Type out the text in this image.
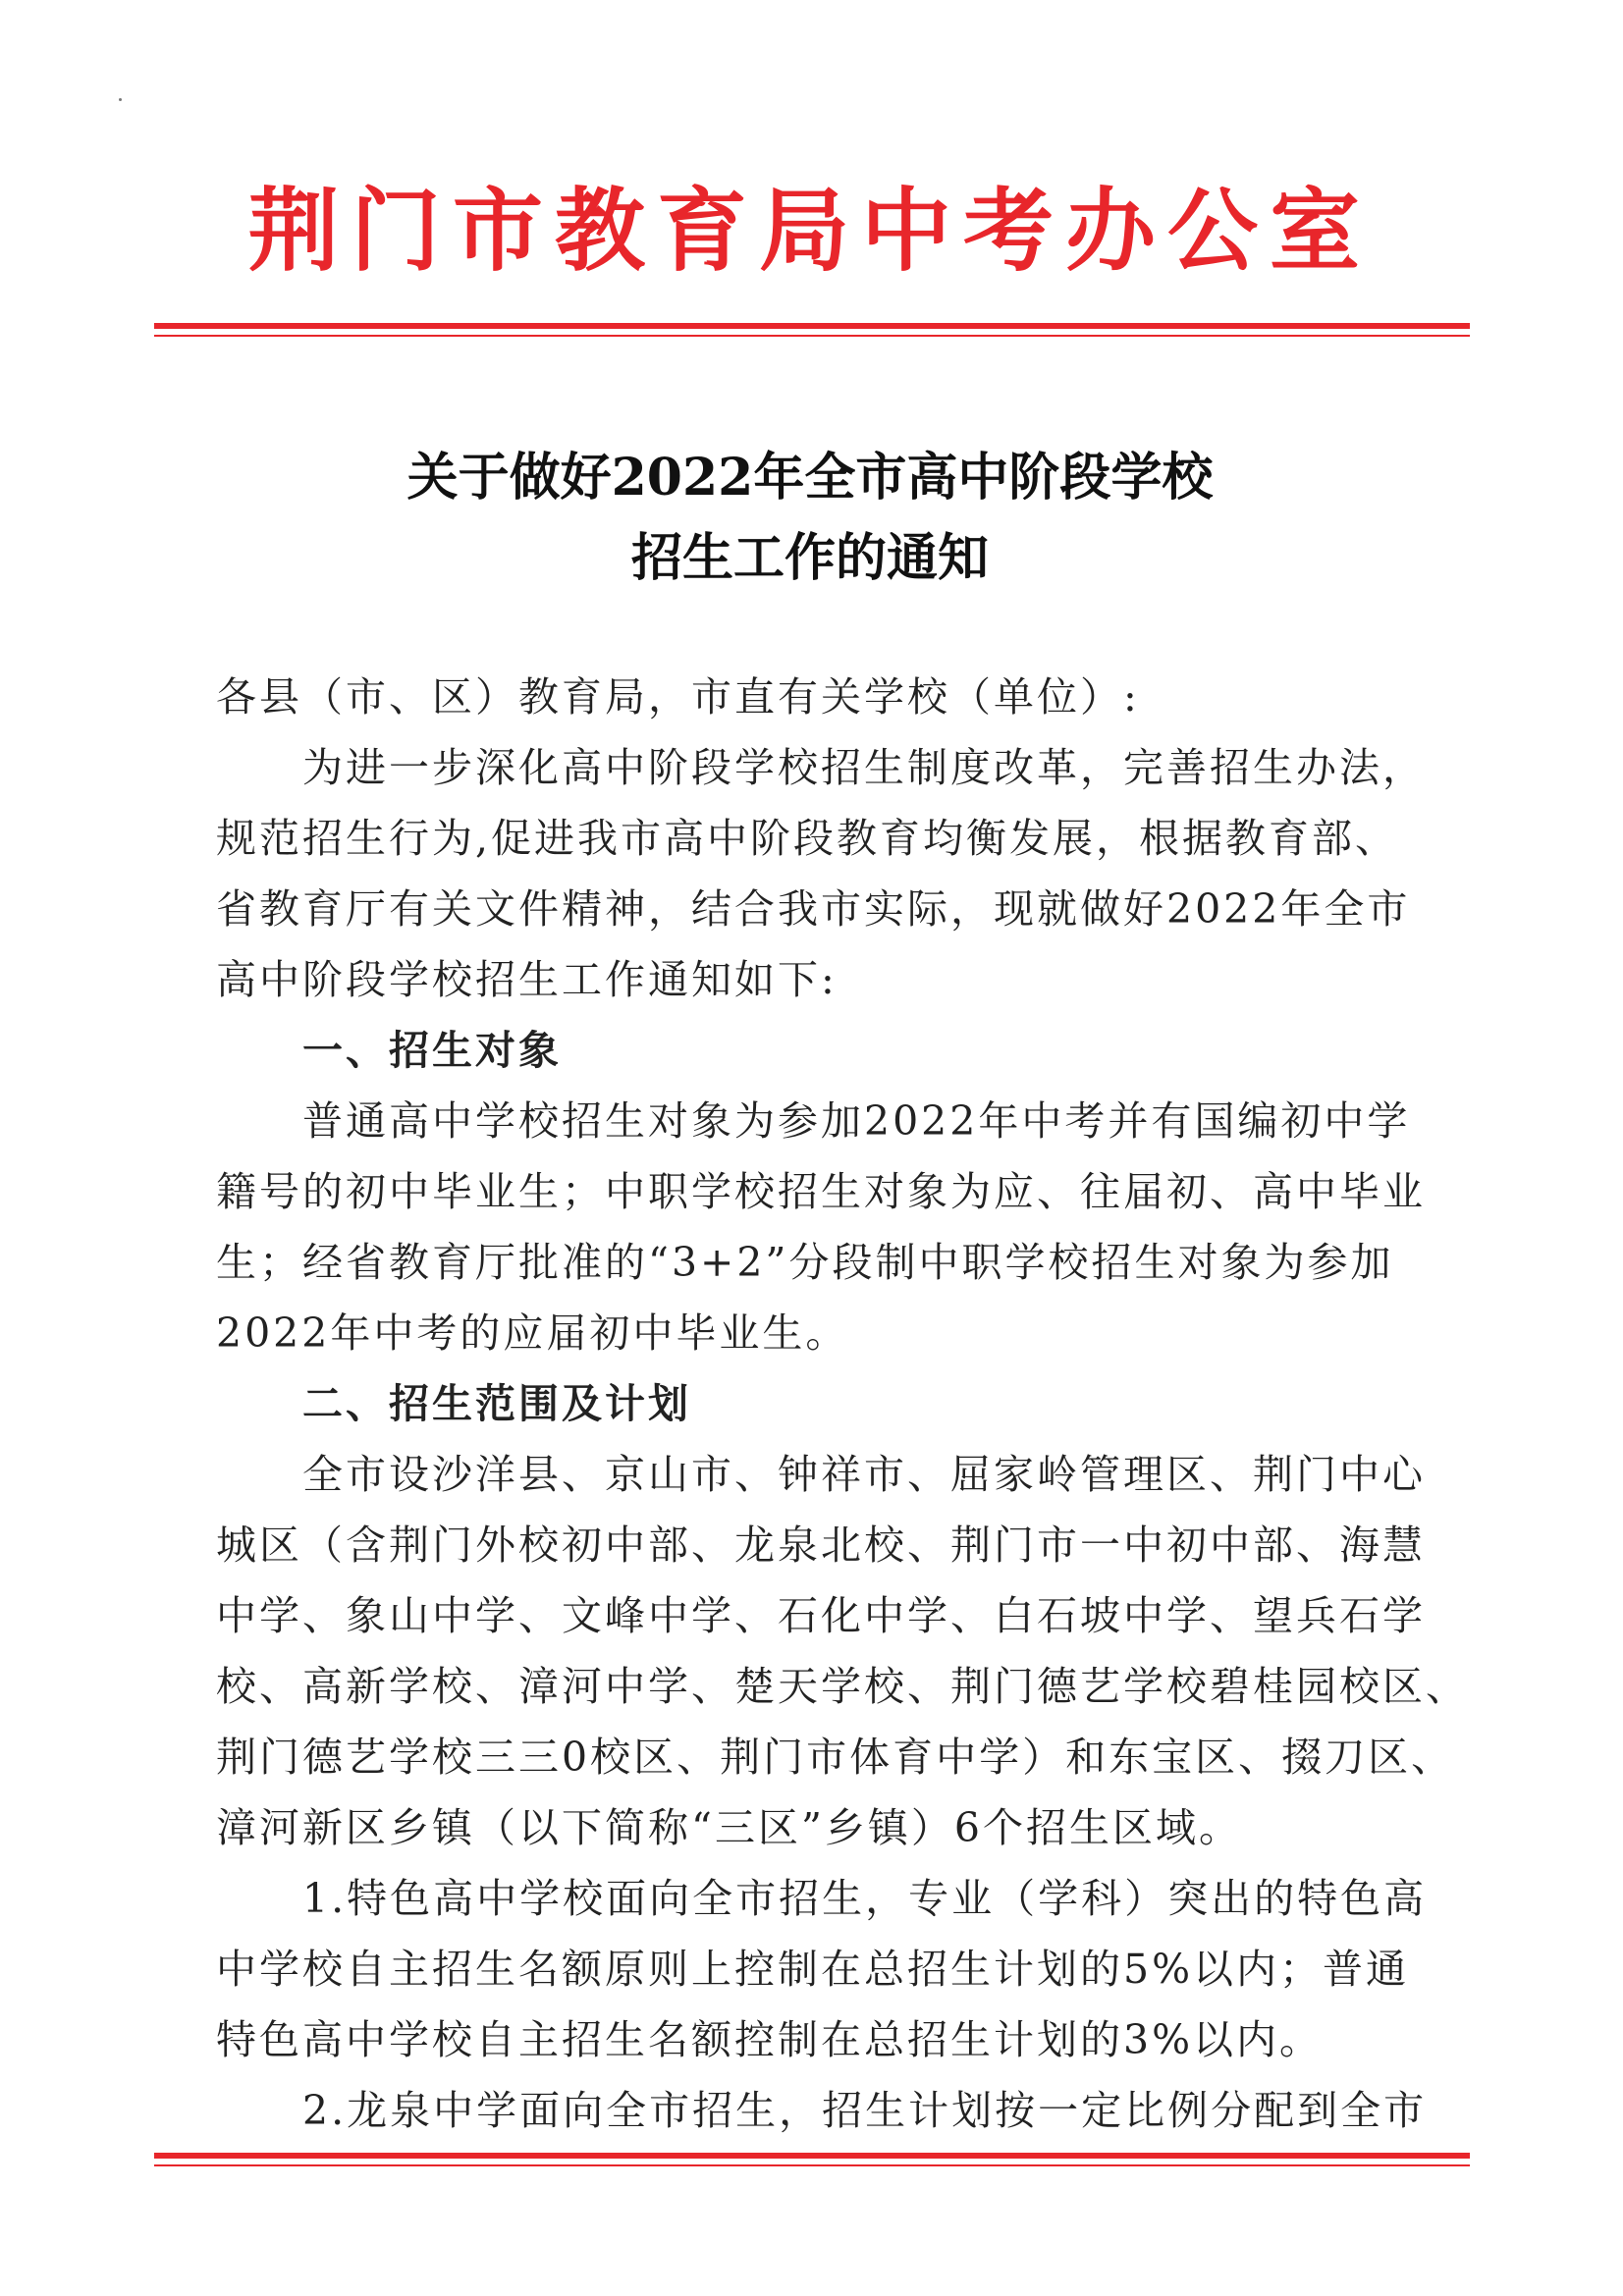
荆门市教育局中考办公室
关于做好2022年全市高中阶段学校
招生工作的通知
各县（市、区）教育局，市直有关学校（单位）:
为进一步深化高中阶段学校招生制度改革，完善招生办法，
规范招生行为,促进我市高中阶段教育均衡发展，根据教育部、
省教育厅有关文件精神，结合我市实际，现就做好2022年全市
高中阶段学校招生工作通知如下:
一、招生对象
普通高中学校招生对象为参加2022年中考并有国编初中学
籍号的初中毕业生；中职学校招生对象为应、往届初、高中毕业
生；经省教育厅批准的“3+2”分段制中职学校招生对象为参加
2022年中考的应届初中毕业生。
二、招生范围及计划
全市设沙洋县、京山市、钟祥市、屈家岭管理区、荆门中心
城区（含荆门外校初中部、龙泉北校、荆门市一中初中部、海慧
中学、象山中学、文峰中学、石化中学、白石坡中学、望兵石学
校、高新学校、漳河中学、楚天学校、荆门德艺学校碧桂园校区、
荆门德艺学校三三0校区、荆门市体育中学）和东宝区、掇刀区、
漳河新区乡镇（以下简称“三区”乡镇）6个招生区域。
1.特色高中学校面向全市招生，专业（学科）突出的特色高
中学校自主招生名额原则上控制在总招生计划的5%以内；普通
特色高中学校自主招生名额控制在总招生计划的3%以内。
2.龙泉中学面向全市招生，招生计划按一定比例分配到全市
